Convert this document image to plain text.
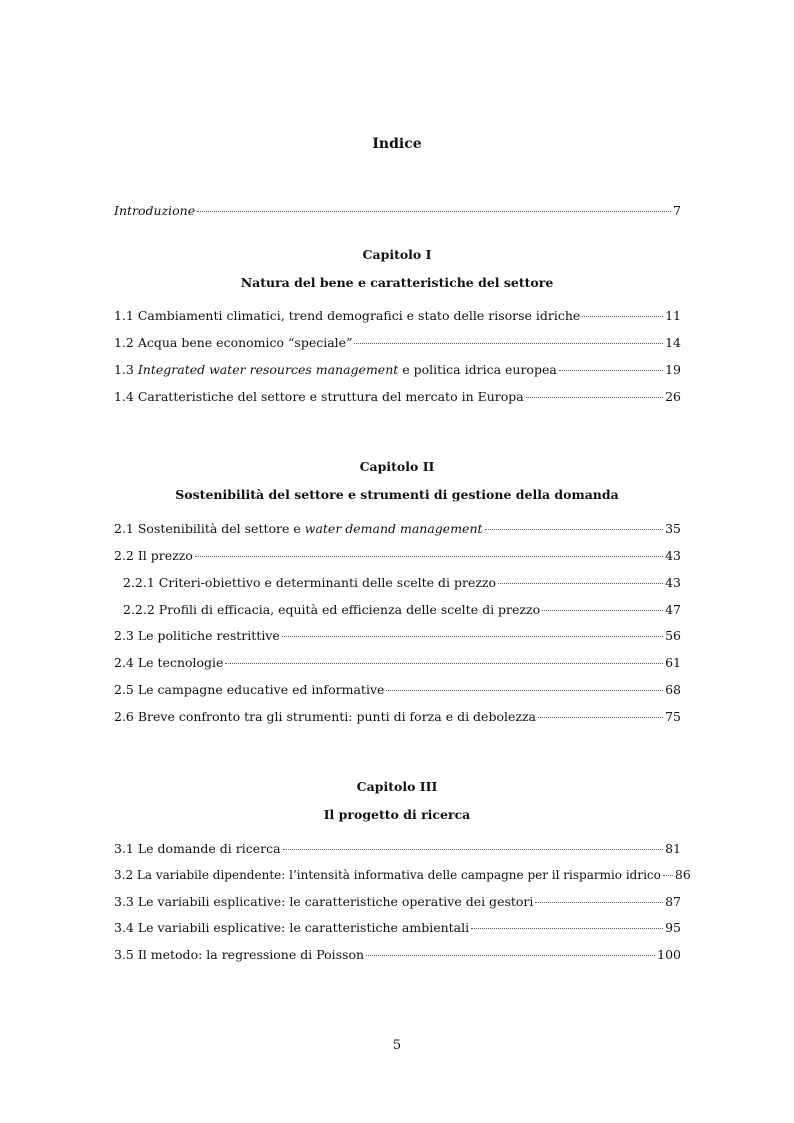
Indice
Introduzione	7
Capitolo I
Natura del bene e caratteristiche del settore
1.1 Cambiamenti climatici, trend demografici e stato delle risorse idriche	11
1.2 Acqua bene economico “speciale”	14
1.3 Integrated water resources management e politica idrica europea	19
1.4 Caratteristiche del settore e struttura del mercato in Europa	26
Capitolo II
Sostenibilità del settore e strumenti di gestione della domanda
2.1 Sostenibilità del settore e water demand management	35
2.2 Il prezzo	43
2.2.1 Criteri-obiettivo e determinanti delle scelte di prezzo	43
2.2.2 Profili di efficacia, equità ed efficienza delle scelte di prezzo	47
2.3 Le politiche restrittive	56
2.4 Le tecnologie	61
2.5 Le campagne educative ed informative	68
2.6 Breve confronto tra gli strumenti: punti di forza e di debolezza	75
Capitolo III
Il progetto di ricerca
3.1 Le domande di ricerca	81
3.2 La variabile dipendente: l’intensità informativa delle campagne per il risparmio idrico 86
3.3 Le variabili esplicative: le caratteristiche operative dei gestori	87
3.4 Le variabili esplicative: le caratteristiche ambientali	95
3.5 Il metodo: la regressione di Poisson	100
5
